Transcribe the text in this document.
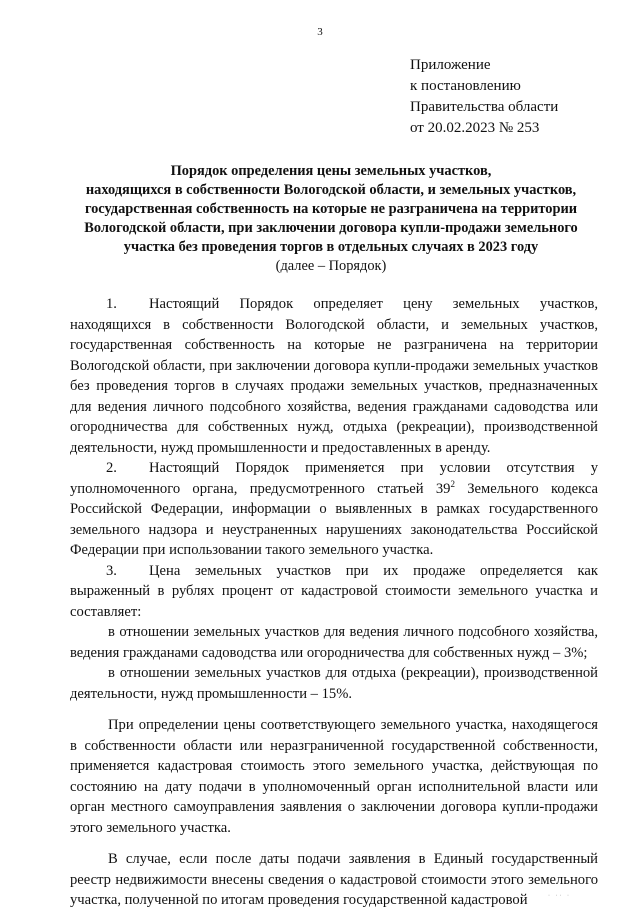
3
Приложение
к постановлению
Правительства области
от 20.02.2023 № 253
Порядок определения цены земельных участков,
находящихся в собственности Вологодской области, и земельных участков,
государственная собственность на которые не разграничена на территории
Вологодской области, при заключении договора купли-продажи земельного
участка без проведения торгов в отдельных случаях в 2023 году
(далее – Порядок)

1. Настоящий Порядок определяет цену земельных участков, находящихся в собственности Вологодской области, и земельных участков, государственная собственность на которые не разграничена на территории Вологодской области, при заключении договора купли-продажи земельных участков без проведения торгов в случаях продажи земельных участков, предназначенных для ведения личного подсобного хозяйства, ведения гражданами садоводства или огородничества для собственных нужд, отдыха (рекреации), производственной деятельности, нужд промышленности и предоставленных в аренду.

2. Настоящий Порядок применяется при условии отсутствия у уполномоченного органа, предусмотренного статьей $39^2$ Земельного кодекса Российской Федерации, информации о выявленных в рамках государственного земельного надзора и неустраненных нарушениях законодательства Российской Федерации при использовании такого земельного участка.

3. Цена земельных участков при их продаже определяется как выраженный в рублях процент от кадастровой стоимости земельного участка и составляет:

в отношении земельных участков для ведения личного подсобного хозяйства, ведения гражданами садоводства или огородничества для собственных нужд – 3%;

в отношении земельных участков для отдыха (рекреации), производственной деятельности, нужд промышленности – 15%.

При определении цены соответствующего земельного участка, находящегося в собственности области или неразграниченной государственной собственности, применяется кадастровая стоимость этого земельного участка, действующая по состоянию на дату подачи в уполномоченный орган исполнительной власти или орган местного самоуправления заявления о заключении договора купли-продажи этого земельного участка.

В случае, если после даты подачи заявления в Единый государственный реестр недвижимости внесены сведения о кадастровой стоимости этого земельного участка, полученной по итогам проведения государственной кадастровой	· ·· ·
